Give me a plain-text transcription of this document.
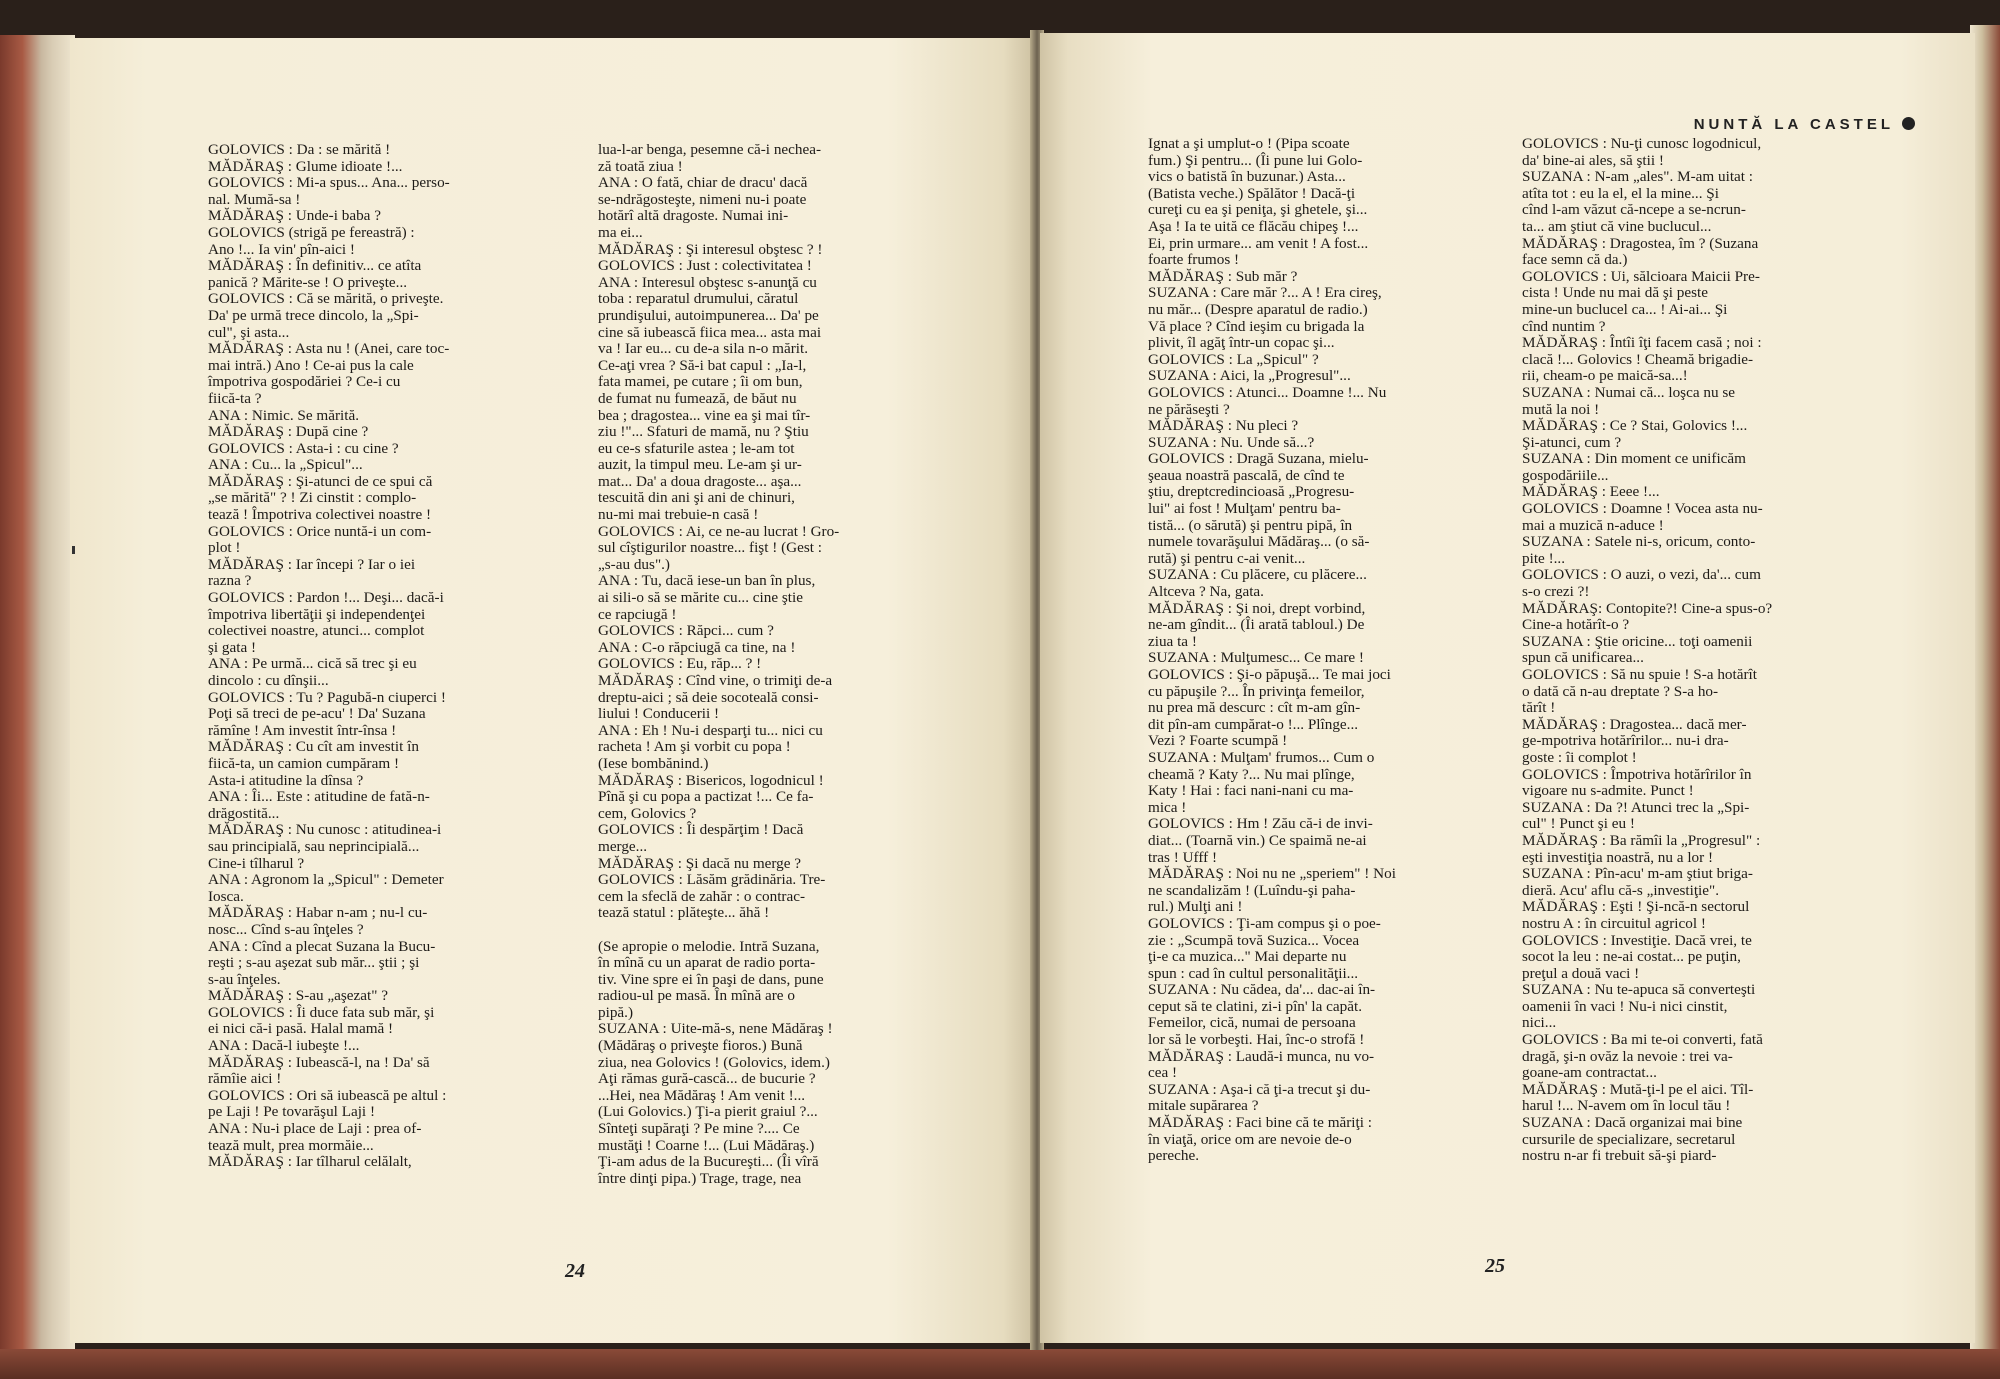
GOLOVICS : Da : se mărită !

MĂDĂRAŞ : Glume idioate !...

GOLOVICS : Mi-a spus... Ana... perso-

nal. Mumă-sa !

MĂDĂRAŞ : Unde-i baba ?

GOLOVICS (strigă pe fereastră) :

Ano !... Ia vin' pîn-aici !

MĂDĂRAŞ : În definitiv... ce atîta

panică ? Mărite-se ! O priveşte...

GOLOVICS : Că se mărită, o priveşte.

Da' pe urmă trece dincolo, la „Spi-

cul", şi asta...

MĂDĂRAŞ : Asta nu ! (Anei, care toc-

mai intră.) Ano ! Ce-ai pus la cale

împotriva gospodăriei ? Ce-i cu

fiică-ta ?

ANA : Nimic. Se mărită.

MĂDĂRAŞ : După cine ?

GOLOVICS : Asta-i : cu cine ?

ANA : Cu... la „Spicul"...

MĂDĂRAŞ : Şi-atunci de ce spui că

„se mărită" ? ! Zi cinstit : complo-

tează ! Împotriva colectivei noastre !

GOLOVICS : Orice nuntă-i un com-

plot !

MĂDĂRAŞ : Iar începi ? Iar o iei

razna ?

GOLOVICS : Pardon !... Deşi... dacă-i

împotriva libertăţii şi independenţei

colectivei noastre, atunci... complot

şi gata !

ANA : Pe urmă... cică să trec şi eu

dincolo : cu dînşii...

GOLOVICS : Tu ? Pagubă-n ciuperci !

Poţi să treci de pe-acu' ! Da' Suzana

rămîne ! Am investit într-însa !

MĂDĂRAŞ : Cu cît am investit în

fiică-ta, un camion cumpăram !

Asta-i atitudine la dînsa ?

ANA : Îi... Este : atitudine de fată-n-

drăgostită...

MĂDĂRAŞ : Nu cunosc : atitudinea-i

sau principială, sau neprincipială...

Cine-i tîlharul ?

ANA : Agronom la „Spicul" : Demeter

Iosca.

MĂDĂRAŞ : Habar n-am ; nu-l cu-

nosc... Cînd s-au înţeles ?

ANA : Cînd a plecat Suzana la Bucu-

reşti ; s-au aşezat sub măr... ştii ; şi

s-au înţeles.

MĂDĂRAŞ : S-au „aşezat" ?

GOLOVICS : Îi duce fata sub măr, şi

ei nici că-i pasă. Halal mamă !

ANA : Dacă-l iubeşte !...

MĂDĂRAŞ : Iubească-l, na ! Da' să

rămîie aici !

GOLOVICS : Ori să iubească pe altul :

pe Laji ! Pe tovarăşul Laji !

ANA : Nu-i place de Laji : prea of-

tează mult, prea mormăie...

MĂDĂRAŞ : Iar tîlharul celălalt,

lua-l-ar benga, pesemne că-i necheа-

ză toată ziua !

ANA : O fată, chiar de dracu' dacă

se-ndrăgosteşte, nimeni nu-i poate

hotărî altă dragoste. Numai ini-

ma ei...

MĂDĂRAŞ : Şi interesul obştesc ? !

GOLOVICS : Just : colectivitatea !

ANA : Interesul obştesc s-anunţă cu

toba : reparatul drumului, căratul

prundişului, autoimpunerea... Da' pe

cine să iubească fiica mea... asta mai

va ! Iar eu... cu de-a sila n-o mărit.

Ce-aţi vrea ? Să-i bat capul : „Ia-l,

fata mamei, pe cutare ; îi om bun,

de fumat nu fumează, de băut nu

bea ; dragostea... vine ea şi mai tîr-

ziu !"... Sfaturi de mamă, nu ? Ştiu

eu ce-s sfaturile astea ; le-am tot

auzit, la timpul meu. Le-am şi ur-

mat... Da' a doua dragoste... aşa...

tescuită din ani şi ani de chinuri,

nu-mi mai trebuie-n casă !

GOLOVICS : Ai, ce ne-au lucrat ! Gro-

sul cîştigurilor noastre... fişt ! (Gest :

„s-au dus".)

ANA : Tu, dacă iese-un ban în plus,

ai sili-o să se mărite cu... cine ştie

ce rapciugă !

GOLOVICS : Răpci... cum ?

ANA : C-o răpciugă ca tine, na !

GOLOVICS : Eu, răp... ? !

MĂDĂRAŞ : Cînd vine, o trimiţi de-a

dreptu-aici ; să deie socoteală consi-

liului ! Conducerii !

ANA : Eh ! Nu-i desparţi tu... nici cu

racheta ! Am şi vorbit cu popa !

(Iese bombănind.)

MĂDĂRAŞ : Bisericos, logodnicul !

Pînă şi cu popa a pactizat !... Ce fa-

cem, Golovics ?

GOLOVICS : Îi despărţim ! Dacă

merge...

MĂDĂRAŞ : Şi dacă nu merge ?

GOLOVICS : Lăsăm grădinăria. Tre-

cem la sfeclă de zahăr : o contrac-

tează statul : plăteşte... ăhă !

(Se apropie o melodie. Intră Suzana,

în mînă cu un aparat de radio porta-

tiv. Vine spre ei în paşi de dans, pune

radiou-ul pe masă. În mînă are o

pipă.)

SUZANA : Uite-mă-s, nene Mădăraş !

(Mădăraş o priveşte fioros.) Bună

ziua, nea Golovics ! (Golovics, idem.)

Aţi rămas gură-cască... de bucurie ?

...Hei, nea Mădăraş ! Am venit !...

(Lui Golovics.) Ţi-a pierit graiul ?...

Sînteţi supăraţi ? Pe mine ?.... Ce

mustăţi ! Coarne !... (Lui Mădăraş.)

Ţi-am adus de la Bucureşti... (Îi vîră

între dinţi pipa.) Trage, trage, nea

24
NUNTĂ LA CASTEL

Ignat a şi umplut-o ! (Pipa scoate

fum.) Şi pentru... (Îi pune lui Golo-

vics o batistă în buzunar.) Asta...

(Batista veche.) Spălător ! Dacă-ţi

cureţi cu ea şi peniţa, şi ghetele, şi...

Aşa ! Ia te uită ce flăcău chipeş !...

Ei, prin urmare... am venit ! A fost...

foarte frumos !

MĂDĂRAŞ : Sub măr ?

SUZANA : Care măr ?... A ! Era cireş,

nu măr... (Despre aparatul de radio.)

Vă place ? Cînd ieşim cu brigada la

plivit, îl agăţ într-un copac şi...

GOLOVICS : La „Spicul" ?

SUZANA : Aici, la „Progresul"...

GOLOVICS : Atunci... Doamne !... Nu

ne părăseşti ?

MĂDĂRAŞ : Nu pleci ?

SUZANA : Nu. Unde să...?

GOLOVICS : Dragă Suzana, mielu-

şeaua noastră pascală, de cînd te

ştiu, dreptcredincioasă „Progresu-

lui" ai fost ! Mulţam' pentru ba-

tistă... (o sărută) şi pentru pipă, în

numele tovarăşului Mădăraş... (o să-

rută) şi pentru c-ai venit...

SUZANA : Cu plăcere, cu plăcere...

Altceva ? Na, gata.

MĂDĂRAŞ : Şi noi, drept vorbind,

ne-am gîndit... (Îi arată tabloul.) De

ziua ta !

SUZANA : Mulţumesc... Ce mare !

GOLOVICS : Şi-o păpuşă... Te mai joci

cu păpuşile ?... În privinţa femeilor,

nu prea mă descurc : cît m-am gîn-

dit pîn-am cumpărat-o !... Plînge...

Vezi ? Foarte scumpă !

SUZANA : Mulţam' frumos... Cum o

cheamă ? Katy ?... Nu mai plînge,

Katy ! Hai : faci nani-nani cu ma-

mica !

GOLOVICS : Hm ! Zău că-i de invi-

diat... (Toarnă vin.) Ce spaimă ne-ai

tras ! Ufff !

MĂDĂRAŞ : Noi nu ne „speriem" ! Noi

ne scandalizăm ! (Luîndu-şi paha-

rul.) Mulţi ani !

GOLOVICS : Ţi-am compus şi o poe-

zie : „Scumpă tovă Suzica... Vocea

ţi-e ca muzica..." Mai departe nu

spun : cad în cultul personalităţii...

SUZANA : Nu cădea, da'... dac-ai în-

ceput să te clatini, zi-i pîn' la capăt.

Femeilor, cică, numai de persoana

lor să le vorbeşti. Hai, înc-o strofă !

MĂDĂRAŞ : Laudă-i munca, nu vo-

cea !

SUZANA : Aşa-i că ţi-a trecut şi du-

mitale supărarea ?

MĂDĂRAŞ : Faci bine că te măriţi :

în viaţă, orice om are nevoie de-o

pereche.

GOLOVICS : Nu-ţi cunosc logodnicul,

da' bine-ai ales, să ştii !

SUZANA : N-am „ales". M-am uitat :

atîta tot : eu la el, el la mine... Şi

cînd l-am văzut că-ncepe a se-ncrun-

ta... am ştiut că vine buclucul...

MĂDĂRAŞ : Dragostea, îm ? (Suzana

face semn că da.)

GOLOVICS : Ui, sălcioara Maicii Pre-

cista ! Unde nu mai dă şi peste

mine-un buclucel ca... ! Ai-ai... Şi

cînd nuntim ?

MĂDĂRAŞ : Întîi îţi facem casă ; noi :

clacă !... Golovics ! Cheamă brigadie-

rii, cheam-o pe maică-sa...!

SUZANA : Numai că... loşca nu se

mută la noi !

MĂDĂRAŞ : Ce ? Stai, Golovics !...

Şi-atunci, cum ?

SUZANA : Din moment ce unificăm

gospodăriile...

MĂDĂRAŞ : Eeee !...

GOLOVICS : Doamne ! Vocea asta nu-

mai a muzică n-aduce !

SUZANA : Satele ni-s, oricum, conto-

pite !...

GOLOVICS : O auzi, o vezi, da'... cum

s-o crezi ?!

MĂDĂRAŞ: Contopite?! Cine-a spus-o?

Cine-a hotărît-o ?

SUZANA : Ştie oricine... toţi oamenii

spun că unificarea...

GOLOVICS : Să nu spuie ! S-a hotărît

o dată că n-au dreptate ? S-a ho-

tărît !

MĂDĂRAŞ : Dragostea... dacă mer-

ge-mpotriva hotărîrilor... nu-i dra-

goste : îi complot !

GOLOVICS : Împotriva hotărîrilor în

vigoare nu s-admite. Punct !

SUZANA : Da ?! Atunci trec la „Spi-

cul" ! Punct şi eu !

MĂDĂRAŞ : Ba rămîi la „Progresul" :

eşti investiţia noastră, nu a lor !

SUZANA : Pîn-acu' m-am ştiut briga-

dieră. Acu' aflu că-s „investiţie".

MĂDĂRAŞ : Eşti ! Şi-ncă-n sectorul

nostru A : în circuitul agricol !

GOLOVICS : Investiţie. Dacă vrei, te

socot la leu : ne-ai costat... pe puţin,

preţul a două vaci !

SUZANA : Nu te-apuca să converteşti

oamenii în vaci ! Nu-i nici cinstit,

nici...

GOLOVICS : Ba mi te-oi converti, fată

dragă, şi-n ovăz la nevoie : trei va-

goane-am contractat...

MĂDĂRAŞ : Mută-ţi-l pe el aici. Tîl-

harul !... N-avem om în locul tău !

SUZANA : Dacă organizai mai bine

cursurile de specializare, secretarul

nostru n-ar fi trebuit să-şi piard-

25
